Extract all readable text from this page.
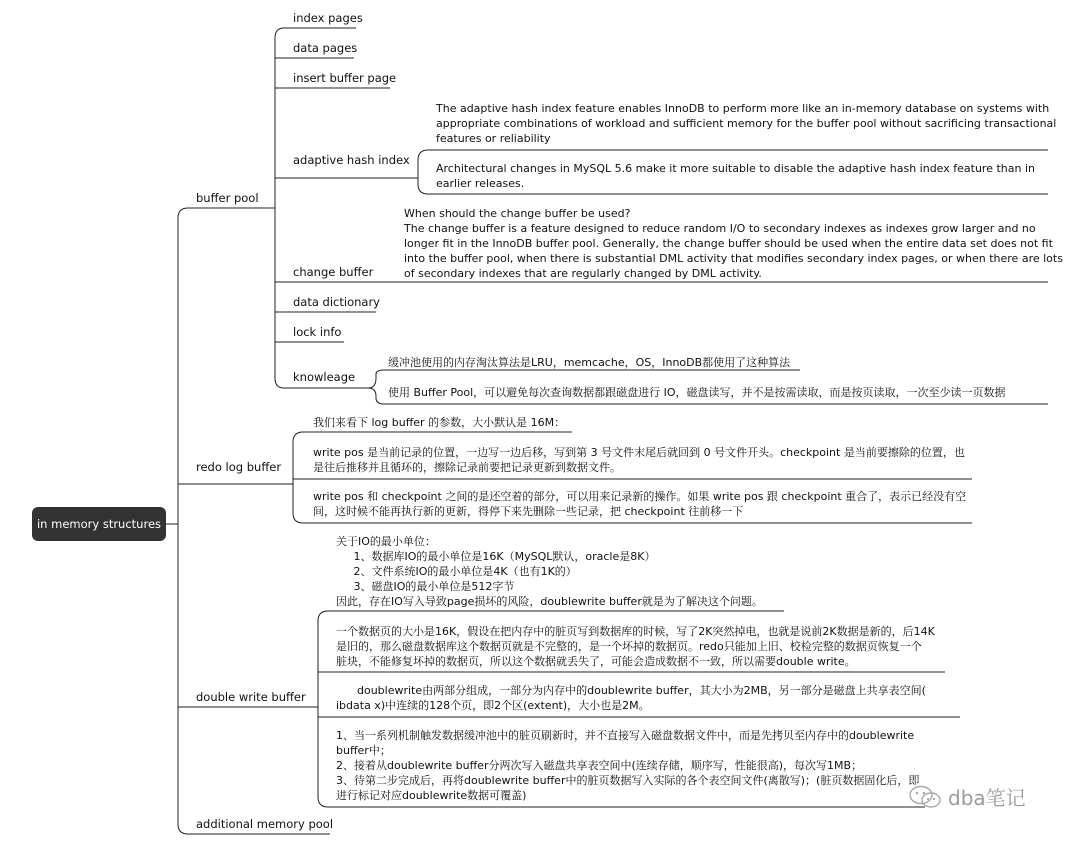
in memory structures
buffer pool
redo log buffer
double write buffer
additional memory pool
index pages
data pages
insert buffer page
adaptive hash index
change buffer
data dictionary
lock info
knowleage
The adaptive hash index feature enables InnoDB to perform more like an in-memory database on systems with
appropriate combinations of workload and sufficient memory for the buffer pool without sacrificing transactional
features or reliability
Architectural changes in MySQL 5.6 make it more suitable to disable the adaptive hash index feature than in
earlier releases.
When should the change buffer be used?
The change buffer is a feature designed to reduce random I/O to secondary indexes as indexes grow larger and no
longer fit in the InnoDB buffer pool. Generally, the change buffer should be used when the entire data set does not fit
into the buffer pool, when there is substantial DML activity that modifies secondary index pages, or when there are lots
of secondary indexes that are regularly changed by DML activity.
缓冲池使用的内存淘汰算法是LRU，memcache，OS，InnoDB都使用了这种算法
使用 Buffer Pool，可以避免每次查询数据都跟磁盘进行 IO，磁盘读写，并不是按需读取，而是按页读取，一次至少读一页数据
我们来看下 log buffer 的参数，大小默认是 16M：
write pos 是当前记录的位置，一边写一边后移，写到第 3 号文件末尾后就回到 0 号文件开头。checkpoint 是当前要擦除的位置，也
是往后推移并且循环的，擦除记录前要把记录更新到数据文件。
write pos 和 checkpoint 之间的是还空着的部分，可以用来记录新的操作。如果 write pos 跟 checkpoint 重合了，表示已经没有空
间，这时候不能再执行新的更新，得停下来先删除一些记录，把 checkpoint 往前移一下
关于IO的最小单位：
1、数据库IO的最小单位是16K（MySQL默认，oracle是8K）
2、文件系统IO的最小单位是4K（也有1K的）
3、磁盘IO的最小单位是512字节
因此，存在IO写入导致page损坏的风险，doublewrite buffer就是为了解决这个问题。
一个数据页的大小是16K，假设在把内存中的脏页写到数据库的时候，写了2K突然掉电，也就是说前2K数据是新的，后14K
是旧的，那么磁盘数据库这个数据页就是不完整的，是一个坏掉的数据页。redo只能加上旧、校检完整的数据页恢复一个
脏块，不能修复坏掉的数据页，所以这个数据就丢失了，可能会造成数据不一致，所以需要double write。
doublewrite由两部分组成，一部分为内存中的doublewrite buffer，其大小为2MB，另一部分是磁盘上共享表空间(
ibdata x)中连续的128个页，即2个区(extent)，大小也是2M。
1、当一系列机制触发数据缓冲池中的脏页刷新时，并不直接写入磁盘数据文件中，而是先拷贝至内存中的doublewrite
buffer中；
2、接着从doublewrite buffer分两次写入磁盘共享表空间中(连续存储，顺序写，性能很高)，每次写1MB；
3、待第二步完成后，再将doublewrite buffer中的脏页数据写入实际的各个表空间文件(离散写)；(脏页数据固化后，即
进行标记对应doublewrite数据可覆盖)	dba笔记
